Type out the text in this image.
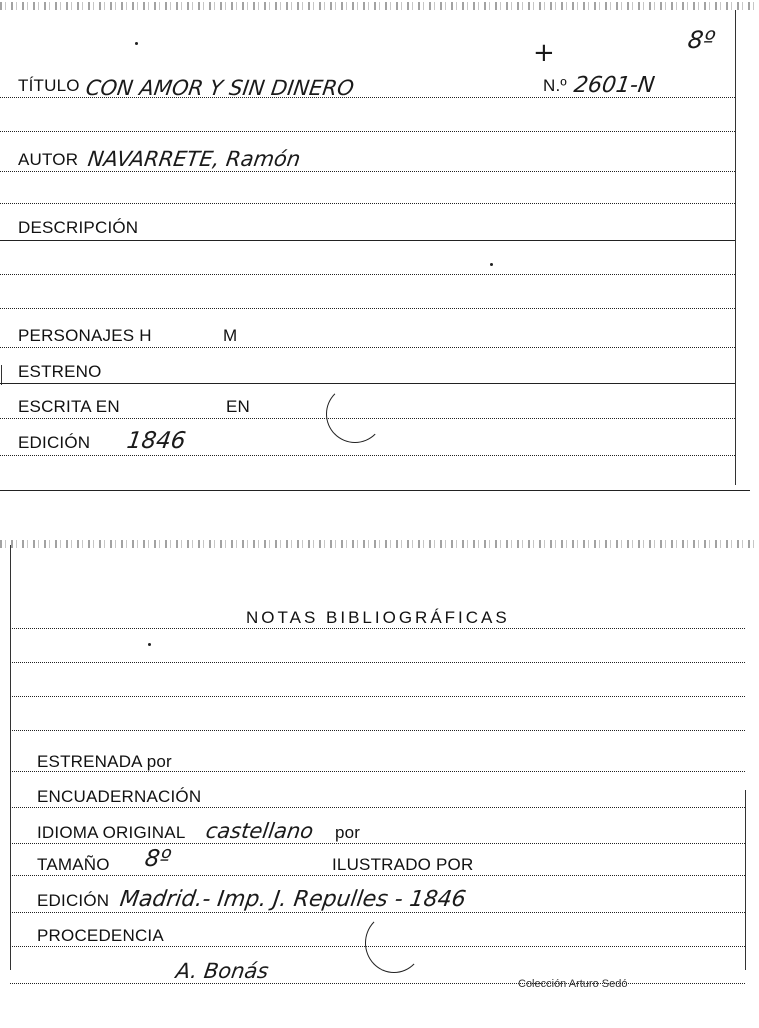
8º
+
TÍTULO CON AMOR Y SIN DINERO	N.º 2601-N
AUTOR NAVARRETE, Ramón
DESCRIPCIÓN
PERSONAJES H	M
ESTRENO
ESCRITA EN	EN
EDICIÓN 1846
NOTAS BIBLIOGRÁFICAS
ESTRENADA por
ENCUADERNACIÓN
IDIOMA ORIGINAL castellano por
TAMAÑO 8º	ILUSTRADO POR
EDICIÓN Madrid.- Imp. J. Repulles - 1846
PROCEDENCIA
A. Bonás
Colección Arturo Sedó
